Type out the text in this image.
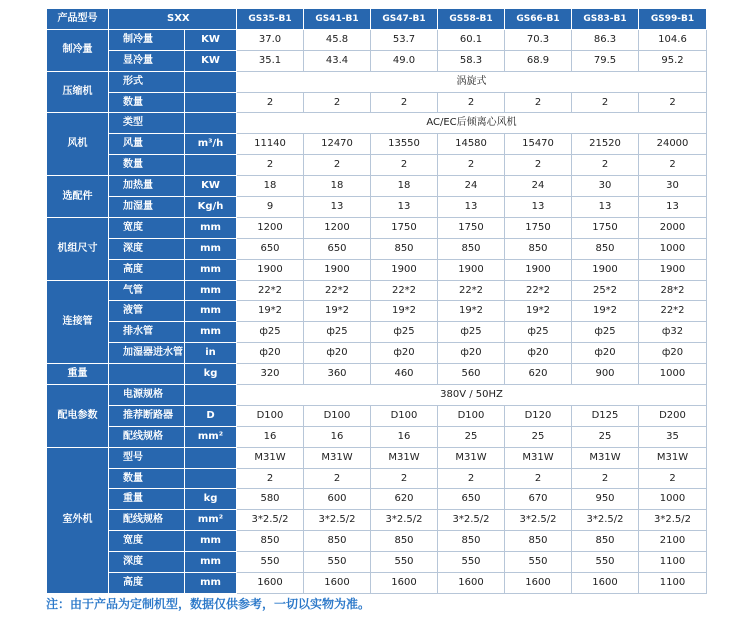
产品型号	SXX		GS35-B1	GS41-B1	GS47-B1	GS58-B1	GS66-B1	GS83-B1	GS99-B1
制冷量	制冷量	KW	37.0	45.8	53.7	60.1	70.3	86.3	104.6
	显冷量	KW	35.1	43.4	49.0	58.3	68.9	79.5	95.2
压缩机	形式		涡旋式						
	数量		2	2	2	2	2	2	2
风机	类型		AC/EC后倾离心风机						
	风量	m³/h	11140	12470	13550	14580	15470	21520	24000
	数量		2	2	2	2	2	2	2
选配件	加热量	KW	18	18	18	24	24	30	30
	加湿量	Kg/h	9	13	13	13	13	13	13
机组尺寸	宽度	mm	1200	1200	1750	1750	1750	1750	2000
	深度	mm	650	650	850	850	850	850	1000
	高度	mm	1900	1900	1900	1900	1900	1900	1900
连接管	气管	mm	22*2	22*2	22*2	22*2	22*2	25*2	28*2
	液管	mm	19*2	19*2	19*2	19*2	19*2	19*2	22*2
	排水管	mm	ф25	ф25	ф25	ф25	ф25	ф25	ф32
	加湿器进水管	in	ф20	ф20	ф20	ф20	ф20	ф20	ф20
重量		kg	320	360	460	560	620	900	1000
配电参数	电源规格		380V / 50HZ						
	推荐断路器	D	D100	D100	D100	D100	D120	D125	D200
	配线规格	mm²	16	16	16	25	25	25	35
室外机	型号		M31W	M31W	M31W	M31W	M31W	M31W	M31W
	数量		2	2	2	2	2	2	2
	重量	kg	580	600	620	650	670	950	1000
	配线规格	mm²	3*2.5/2	3*2.5/2	3*2.5/2	3*2.5/2	3*2.5/2	3*2.5/2	3*2.5/2
	宽度	mm	850	850	850	850	850	850	2100
	深度	mm	550	550	550	550	550	550	1100
	高度	mm	1600	1600	1600	1600	1600	1600	1100
注：由于产品为定制机型，数据仅供参考，一切以实物为准。
